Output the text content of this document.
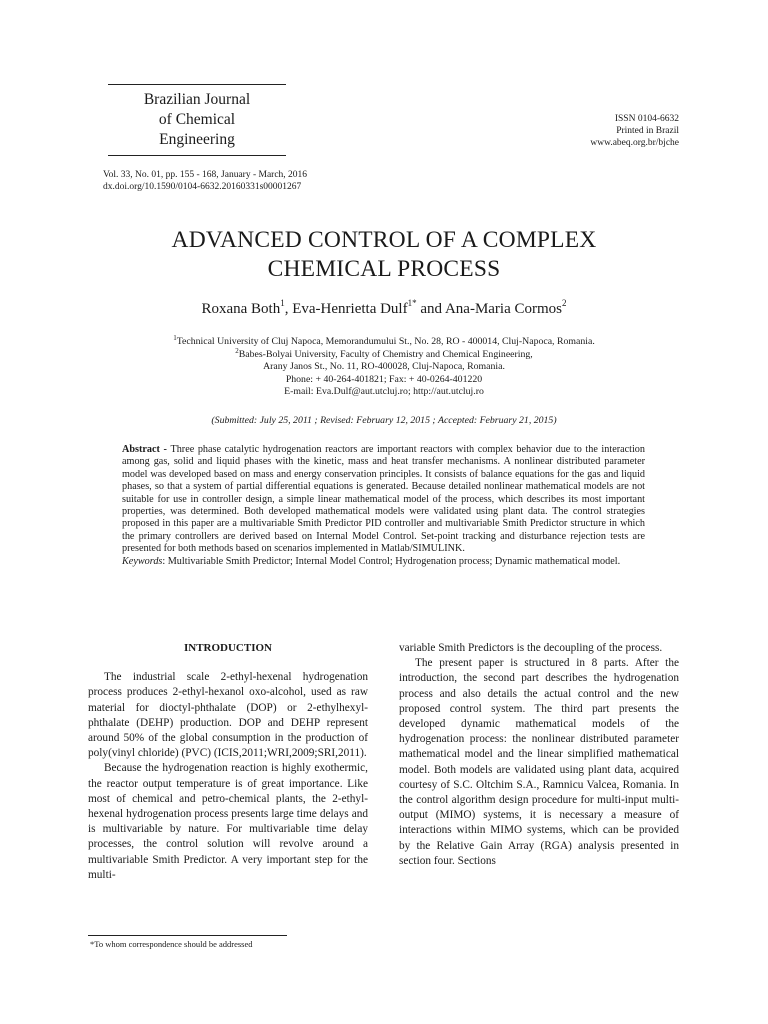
Brazilian Journal
of Chemical
Engineering
ISSN 0104-6632
Printed in Brazil
www.abeq.org.br/bjche
Vol. 33, No. 01, pp. 155 - 168, January - March, 2016
dx.doi.org/10.1590/0104-6632.20160331s00001267
ADVANCED CONTROL OF A COMPLEX
CHEMICAL PROCESS
Roxana Both$^1$, Eva-Henrietta Dulf$^{1*}$ and Ana-Maria Cormos$^2$
$^1$Technical University of Cluj Napoca, Memorandumului St., No. 28, RO - 400014, Cluj-Napoca, Romania.
$^2$Babes-Bolyai University, Faculty of Chemistry and Chemical Engineering,
Arany Janos St., No. 11, RO-400028, Cluj-Napoca, Romania.
Phone: + 40-264-401821; Fax: + 40-0264-401220
E-mail: Eva.Dulf@aut.utcluj.ro; http://aut.utcluj.ro
(Submitted: July 25, 2011 ; Revised: February 12, 2015 ; Accepted: February 21, 2015)

Abstract - Three phase catalytic hydrogenation reactors are important reactors with complex behavior due to the interaction among gas, solid and liquid phases with the kinetic, mass and heat transfer mechanisms. A nonlinear distributed parameter model was developed based on mass and energy conservation principles. It consists of balance equations for the gas and liquid phases, so that a system of partial differential equations is generated. Because detailed nonlinear mathematical models are not suitable for use in controller design, a simple linear mathematical model of the process, which describes its most important properties, was determined. Both developed mathematical models were validated using plant data. The control strategies proposed in this paper are a multivariable Smith Predictor PID controller and multivariable Smith Predictor structure in which the primary controllers are derived based on Internal Model Control. Set-point tracking and disturbance rejection tests are presented for both methods based on scenarios implemented in Matlab/SIMULINK.

Keywords: Multivariable Smith Predictor; Internal Model Control; Hydrogenation process; Dynamic mathematical model.

INTRODUCTION

The industrial scale 2-ethyl-hexenal hydrogenation process produces 2-ethyl-hexanol oxo-alcohol, used as raw material for dioctyl-phthalate (DOP) or 2-ethylhexyl-phthalate (DEHP) production. DOP and DEHP represent around 50% of the global consumption in the production of poly(vinyl chloride) (PVC) (ICIS,2011;WRI,2009;SRI,2011).

Because the hydrogenation reaction is highly exothermic, the reactor output temperature is of great importance. Like most of chemical and petro-chemical plants, the 2-ethyl-hexenal hydrogenation process presents large time delays and is multivariable by nature. For multivariable time delay processes, the control solution will revolve around a multivariable Smith Predictor. A very important step for the multi-

variable Smith Predictors is the decoupling of the process.

The present paper is structured in 8 parts. After the introduction, the second part describes the hydrogenation process and also details the actual control and the new proposed control system. The third part presents the developed dynamic mathematical models of the hydrogenation process: the nonlinear distributed parameter mathematical model and the linear simplified mathematical model. Both models are validated using plant data, acquired courtesy of S.C. Oltchim S.A., Ramnicu Valcea, Romania. In the control algorithm design procedure for multi-input multi-output (MIMO) systems, it is necessary a measure of interactions within MIMO systems, which can be provided by the Relative Gain Array (RGA) analysis presented in section four. Sections

*To whom correspondence should be addressed
